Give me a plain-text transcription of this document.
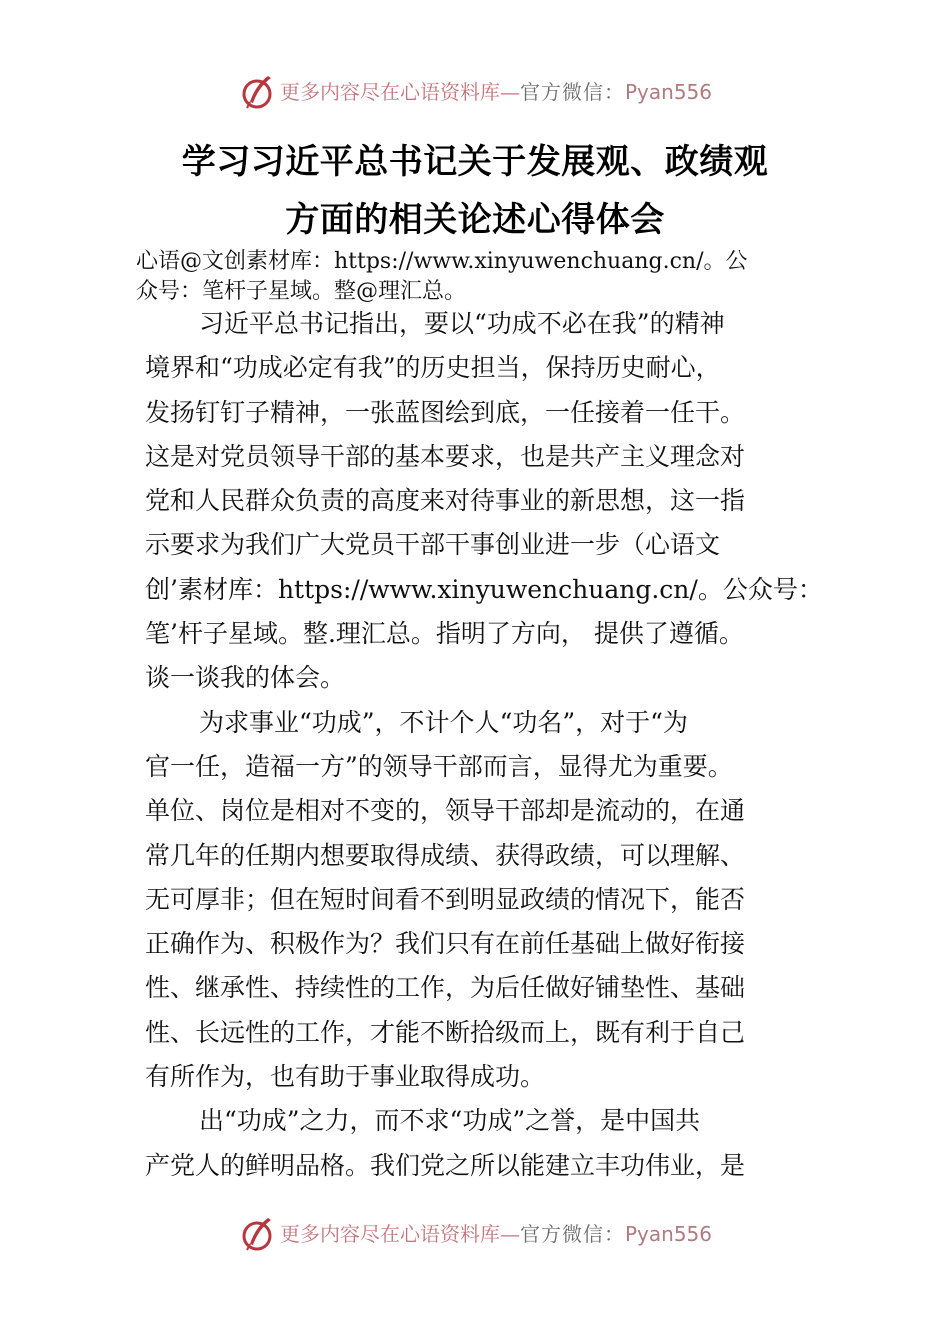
更多内容尽在心语资料库—官方微信：Pyan556
学习习近平总书记关于发展观、政绩观
方面的相关论述心得体会

心语@文创素材库：https://www.xinyuwenchuang.cn/。公

众号：笔杆子星域。整@理汇总。

习近平总书记指出，要以“功成不必在我”的精神

境界和“功成必定有我”的历史担当，保持历史耐心，

发扬钉钉子精神，一张蓝图绘到底，一任接着一任干。

这是对党员领导干部的基本要求，也是共产主义理念对

党和人民群众负责的高度来对待事业的新思想，这一指

示要求为我们广大党员干部干事创业进一步（心语文

创’素材库：https://www.xinyuwenchuang.cn/。公众号：

笔’杆子星域。整.理汇总。指明了方向， 提供了遵循。

谈一谈我的体会。

为求事业“功成”，不计个人“功名”，对于“为

官一任，造福一方”的领导干部而言，显得尤为重要。

单位、岗位是相对不变的，领导干部却是流动的，在通

常几年的任期内想要取得成绩、获得政绩，可以理解、

无可厚非；但在短时间看不到明显政绩的情况下，能否

正确作为、积极作为？我们只有在前任基础上做好衔接

性、继承性、持续性的工作，为后任做好铺垫性、基础

性、长远性的工作，才能不断拾级而上，既有利于自己

有所作为，也有助于事业取得成功。

出“功成”之力，而不求“功成”之誉，是中国共

产党人的鲜明品格。我们党之所以能建立丰功伟业，是

更多内容尽在心语资料库—官方微信：Pyan556
